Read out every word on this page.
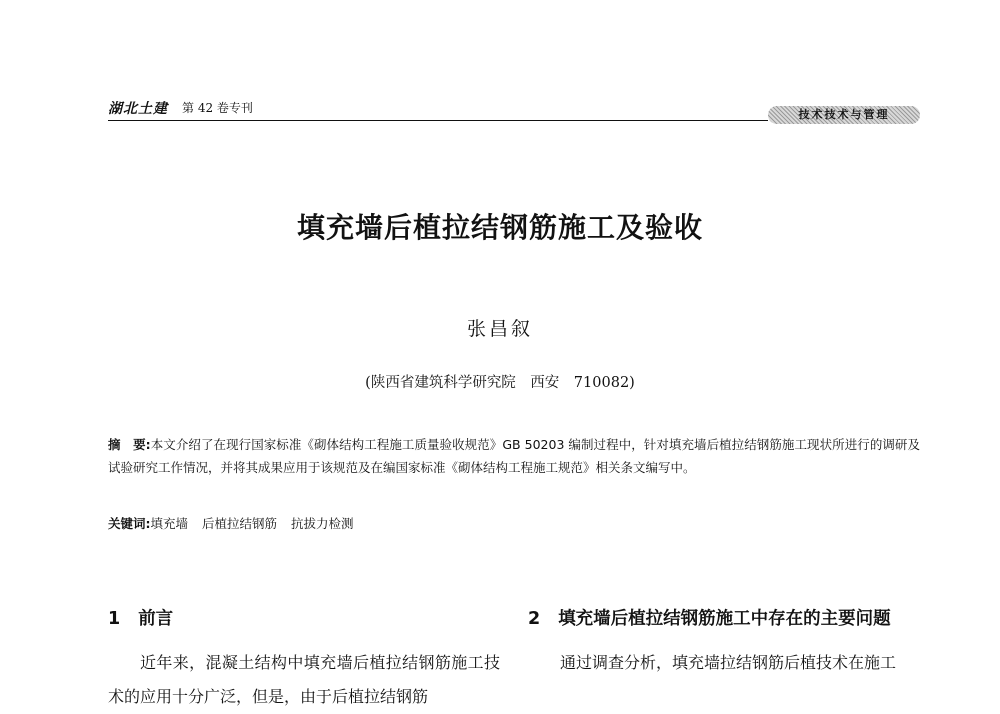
湖北土建 第 42 卷专刊	技术技术与管理
填充墙后植拉结钢筋施工及验收
张昌叙
(陕西省建筑科学研究院　西安　710082)
摘　要:本文介绍了在现行国家标准《砌体结构工程施工质量验收规范》GB 50203 编制过程中，针对填充墙后植拉结钢筋施工现状所进行的调研及试验研究工作情况，并将其成果应用于该规范及在编国家标准《砌体结构工程施工规范》相关条文编写中。
关键词:填充墙 后植拉结钢筋 抗拔力检测
1 前言

近年来，混凝土结构中填充墙后植拉结钢筋施工技术的应用十分广泛，但是，由于后植拉结钢筋

2 填充墙后植拉结钢筋施工中存在的主要问题

通过调查分析，填充墙拉结钢筋后植技术在施工
